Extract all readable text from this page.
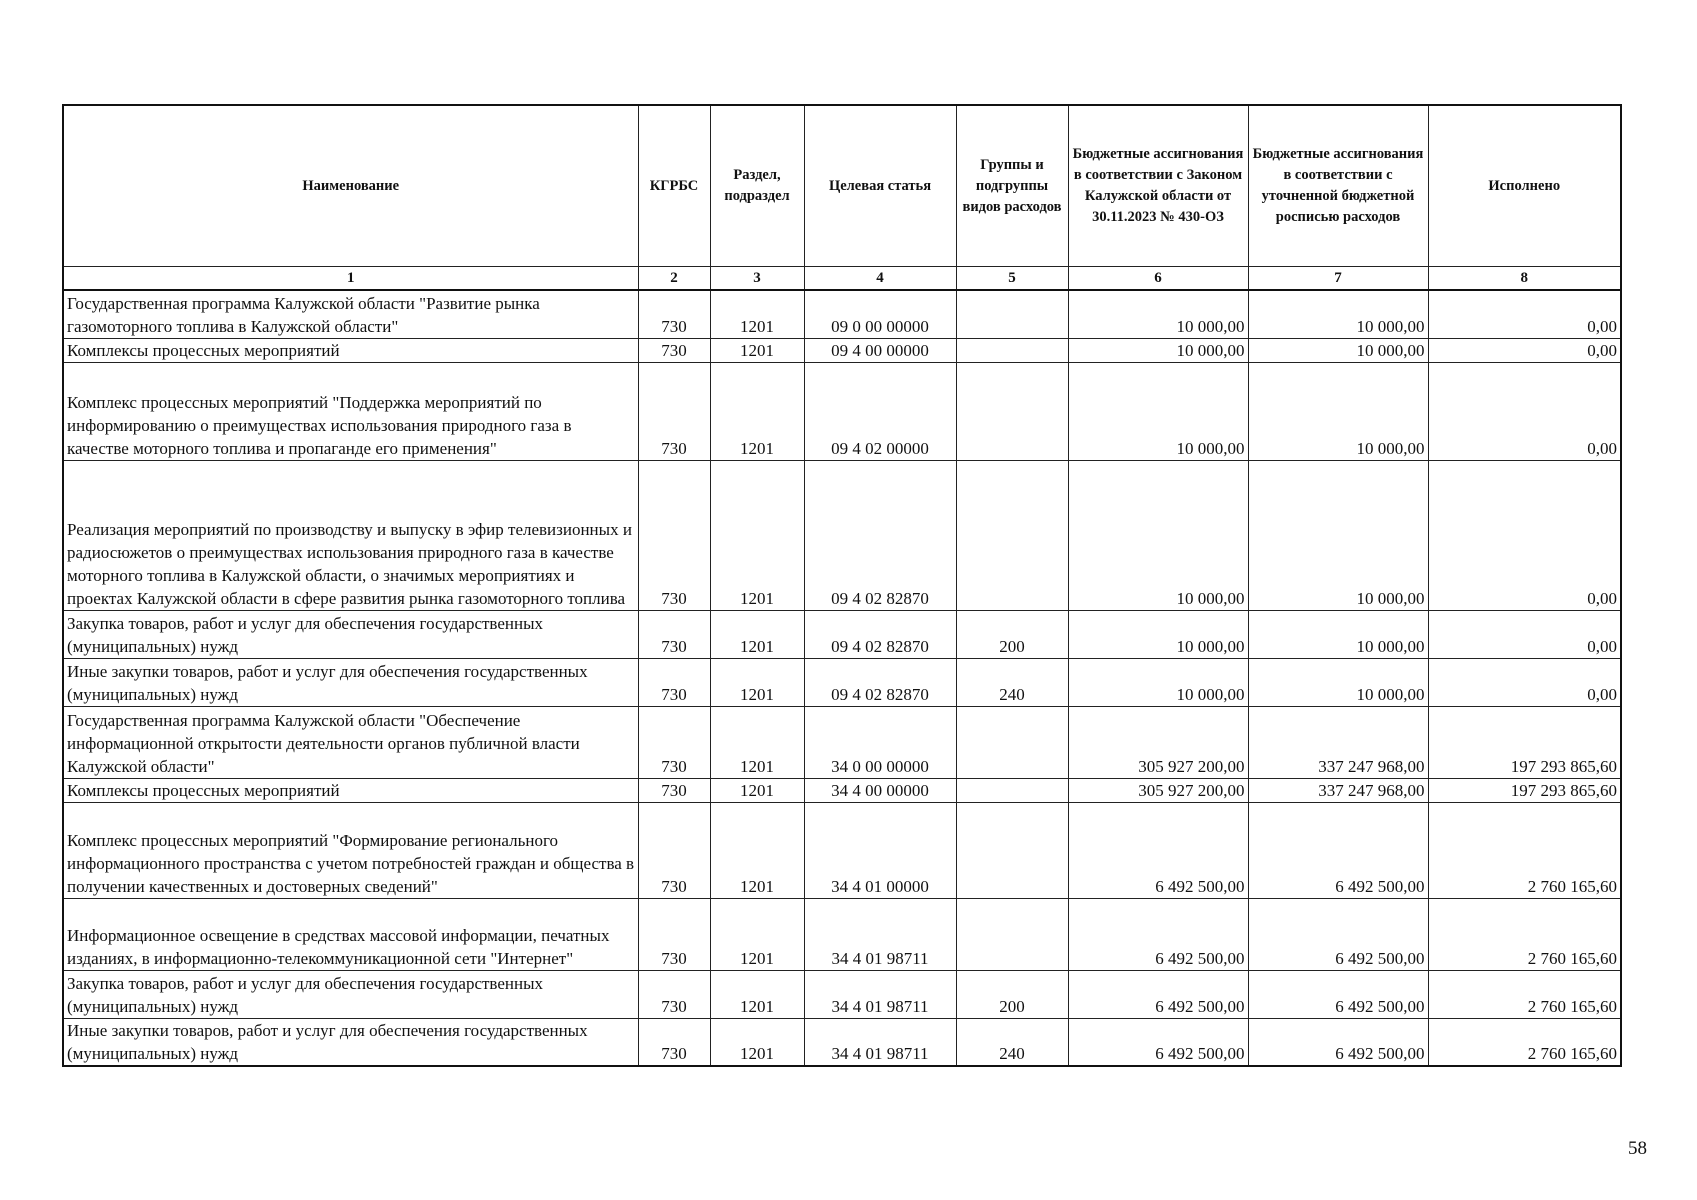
Наименование	КГРБС	Раздел, подраздел	Целевая статья	Группы и подгруппы видов расходов	Бюджетные ассигнования в соответствии с Законом Калужской области от 30.11.2023 № 430-ОЗ	Бюджетные ассигнования в соответствии с уточненной бюджетной росписью расходов	Исполнено
1	2	3	4	5	6	7	8
Государственная программа Калужской области "Развитие рынка газомоторного топлива в Калужской области"	730	1201	09 0 00 00000		10 000,00	10 000,00	0,00
Комплексы процессных мероприятий	730	1201	09 4 00 00000		10 000,00	10 000,00	0,00
Комплекс процессных мероприятий "Поддержка мероприятий по информированию о преимуществах использования природного газа в качестве моторного топлива и пропаганде его применения"	730	1201	09 4 02 00000		10 000,00	10 000,00	0,00
Реализация мероприятий по производству и выпуску в эфир телевизионных и радиосюжетов о преимуществах использования природного газа в качестве моторного топлива в Калужской области, о значимых мероприятиях и проектах Калужской области в сфере развития рынка газомоторного топлива	730	1201	09 4 02 82870		10 000,00	10 000,00	0,00
Закупка товаров, работ и услуг для обеспечения государственных (муниципальных) нужд	730	1201	09 4 02 82870	200	10 000,00	10 000,00	0,00
Иные закупки товаров, работ и услуг для обеспечения государственных (муниципальных) нужд	730	1201	09 4 02 82870	240	10 000,00	10 000,00	0,00
Государственная программа Калужской области "Обеспечение информационной открытости деятельности органов публичной власти Калужской области"	730	1201	34 0 00 00000		305 927 200,00	337 247 968,00	197 293 865,60
Комплексы процессных мероприятий	730	1201	34 4 00 00000		305 927 200,00	337 247 968,00	197 293 865,60
Комплекс процессных мероприятий "Формирование регионального информационного пространства с учетом потребностей граждан и общества в получении качественных и достоверных сведений"	730	1201	34 4 01 00000		6 492 500,00	6 492 500,00	2 760 165,60
Информационное освещение в средствах массовой информации, печатных изданиях, в информационно-телекоммуникационной сети "Интернет"	730	1201	34 4 01 98711		6 492 500,00	6 492 500,00	2 760 165,60
Закупка товаров, работ и услуг для обеспечения государственных (муниципальных) нужд	730	1201	34 4 01 98711	200	6 492 500,00	6 492 500,00	2 760 165,60
Иные закупки товаров, работ и услуг для обеспечения государственных (муниципальных) нужд	730	1201	34 4 01 98711	240	6 492 500,00	6 492 500,00	2 760 165,60
58
